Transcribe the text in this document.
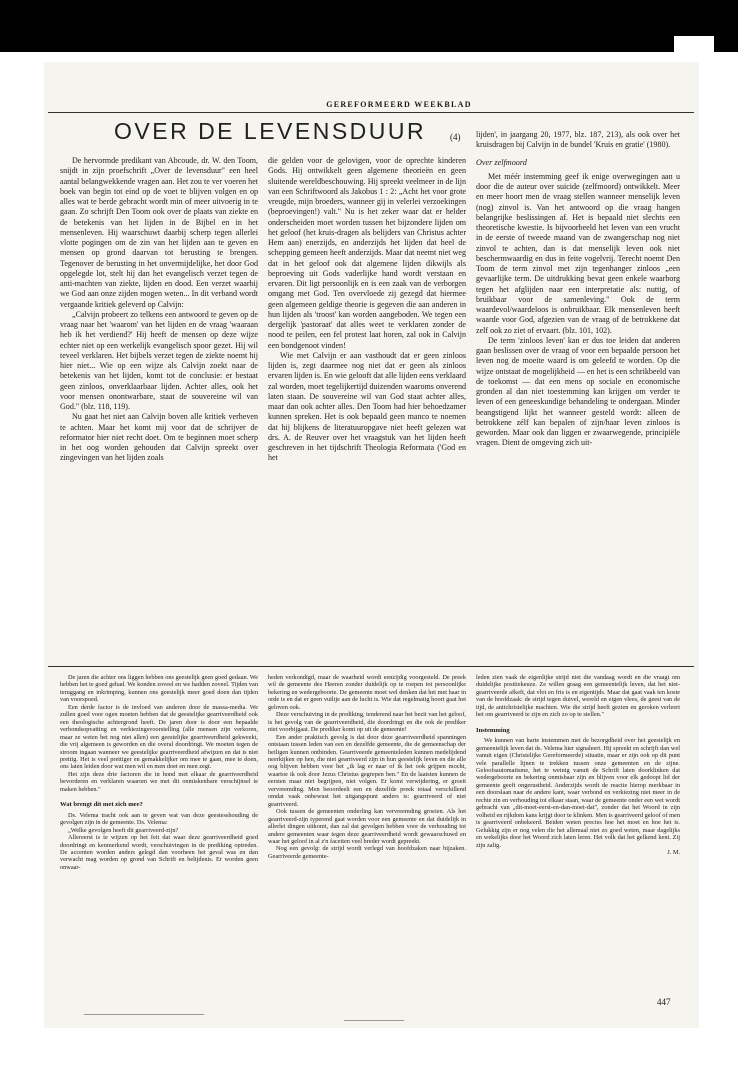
GEREFORMEERD WEEKBLAD
OVER DE LEVENSDUUR	(4)

De hervormde predikant van Abcoude, dr. W. den Toom, snijdt in zijn proefschrift „Over de levensduur" een heel aantal belangwekkende vragen aan. Het zou te ver voeren het boek van begin tot eind op de voet te blijven volgen en op alles wat te berde gebracht wordt min of meer uitvoerig in te gaan. Zo schrijft Den Toom ook over de plaats van ziekte en de betekenis van het lijden in de Bijbel en in het mensenleven. Hij waarschuwt daarbij scherp tegen allerlei vlotte pogingen om de zin van het lijden aan te geven en mensen op grond daarvan tot berusting te brengen. Tegenover de berusting in het onvermijdelijke, het door God opgelegde lot, stelt hij dan het evangelisch verzet tegen de anti-machten van ziekte, lijden en dood. Een verzet waarbij we God aan onze zijden mogen weten... In dit verband wordt vergaande kritiek geleverd op Calvijn:

„Calvijn probeert zo telkens een antwoord te geven op de vraag naar het 'waarom' van het lijden en de vraag 'waaraan heb ik het verdiend?' Hij heeft de mensen op deze wijze echter niet op een werkelijk evangelisch spoor gezet. Hij wil teveel verklaren. Het bijbels verzet tegen de ziekte noemt hij hier niet... Wie op een wijze als Calvijn zoekt naar de betekenis van het lijden, komt tot de conclusie: er bestaat geen zinloos, onverklaarbaar lijden. Achter alles, ook het voor mensen onontwarbare, staat de souvereine wil van God." (blz. 118, 119).

Nu gaat het niet aan Calvijn boven alle kritiek verheven te achten. Maar het komt mij voor dat de schrijver de reformator hier niet recht doet. Om te beginnen moet scherp in het oog worden gehouden dat Calvijn spreekt over zingevingen van het lijden zoals

die gelden voor de gelovigen, voor de oprechte kinderen Gods. Hij ontwikkelt geen algemene theorieën en geen sluitende wereldbeschouwing. Hij spreekt veelmeer in de lijn van een Schriftwoord als Jakobus 1 : 2: „Acht het voor grote vreugde, mijn broeders, wanneer gij in velerlei verzoekingen (beproevingen!) valt." Nu is het zeker waar dat er helder onderscheiden moet worden tussen het bijzondere lijden om het geloof (het kruis-dragen als belijders van Christus achter Hem aan) enerzijds, en anderzijds het lijden dat heel de schepping gemeen heeft anderzijds. Maar dat neemt niet weg dat in het geloof ook dat algemene lijden dikwijls als beproeving uit Gods vaderlijke hand wordt verstaan en ervaren. Dit ligt persoonlijk en is een zaak van de verborgen omgang met God. Ten overvloede zij gezegd dat hiermee geen algemeen geldige theorie is gegeven die aan anderen in hun lijden als 'troost' kan worden aangeboden. We tegen een dergelijk 'pastoraat' dat alles weet te verklaren zonder de nood te peilen, een fel protest laat horen, zal ook in Calvijn een bondgenoot vinden!

Wie met Calvijn er aan vasthoudt dat er geen zinloos lijden is, zegt daarmee nog niet dat er geen als zinloos ervaren lijden is. En wie gelooft dat alle lijden eens verklaard zal worden, moet tegelijkertijd duizenden waaroms onverend laten staan. De souvereine wil van God staat achter alles, maar dan ook achter alles. Den Toom had hier behoedzamer kunnen spreken. Het is ook bepaald geen manco te noemen dat hij blijkens de literatuuropgave niet heeft gelezen wat drs. A. de Reuver over het vraagstuk van het lijden heeft geschreven in het tijdschrift Theologia Reformata ('God en het

lijden', in jaargang 20, 1977, blz. 187, 213), als ook over het kruisdragen bij Calvijn in de bundel 'Kruis en gratie' (1980).

Over zelfmoord

Met méér instemming geef ik enige overwegingen aan u door die de auteur over suicide (zelfmoord) ontwikkelt. Meer en meer hoort men de vraag stellen wanneer menselijk leven (nog) zinvol is. Van het antwoord op die vraag hangen belangrijke beslissingen af. Het is bepaald niet slechts een theoretische kwestie. Is bijvoorbeeld het leven van een vrucht in de eerste of tweede maand van de zwangerschap nog niet zinvol te achten, dan is dat menselijk leven ook niet beschermwaardig en dus in feite vogelvrij. Terecht noemt Den Toom de term zinvol met zijn tegenhanger zinloos „een gevaarlijke term. De uitdrukking bevat geen enkele waarborg tegen het afglijden naar een interpretatie als: nuttig, of bruikbaar voor de samenleving." Ook de term waardevol/waardeloos is onbruikbaar. Elk mensenleven heeft waarde voor God, afgezien van de vraag of de betrokkene dat zelf ook zo ziet of ervaart. (blz. 101, 102).

De term 'zinloos leven' kan er dus toe leiden dat anderen gaan beslissen over de vraag of voor een bepaalde persoon het leven nog de moeite waard is om geleefd te worden. Op die wijze ontstaat de mogelijkheid — en het is een schrikbeeld van de toekomst — dat een mens op sociale en economische gronden al dan niet toestemming kan krijgen om verder te leven of een geneeskundige behandeling te ondergaan. Minder beangstigend lijkt het wanneer gesteld wordt: alleen de betrokkene zélf kan bepalen of zijn/haar leven zinloos is geworden. Maar ook dan liggen er zwaarwegende, principiële vragen. Dient de omgeving zich uit-

De jaren die achter ons liggen hebben ons geestelijk geen goed gedaan. We hebben het te goed gehad. We konden zoveel en we hadden zoveel. Tijden van teruggang en inkrimping, kunnen ons geestelijk meer goed doen dan tijden van voorspoed.

Een derde factor is de invloed van anderen door de massa-media. We zullen goed voor ogen moeten hebben dat de geestelijke gearriveerdheid ook een theologische achtergrond heeft. De jaren door is door een bepaalde verbondsopvatting en verkiezingsvoorstelling (alle mensen zijn verkoren, maar ze weten het nog niet allen) een geestelijke gearriveerdheid gekweekt, die vrij algemeen is geworden en die overal doordringt. We moeten tegen de stroom ingaan wanneer we geestelijke gearriveerdheid afwijzen en dat is niet prettig. Het is veel prettiger en gemakkelijker om mee te gaan, mee te doen, ons laten leiden door wat men wil en men doet en men zegt.

Het zijn deze drie factoren die in hond met elkaar de gearriveerdheid bevorderen en verklaren waarom we met dit onmiskenbare verschijnsel te maken hebben."

Wat brengt dit met zich mee?

Ds. Velema tracht ook aan te geven wat van deze geestesshouding de gevolgen zijn in de gemeente. Ds. Velema:

„Welke gevolgen heeft dit gearriveerd-zijn?

Allereerst is te wijzen op het feit dat waar deze gearriveerdheid goed doordringt en kenmerkend wordt, verschuivingen in de prediking optreden. De accenten worden anders gelegd dan voorheen het geval was en dan verwacht mag worden op grond van Schrift en belijdenis. Er worden geen onwaar-

heden verkondigd, maar de waarheid wordt eenzijdig voorgesteld. De preek wil de gemeente des Heeren zonder duidelijk op te roepen tot persoonlijke bekering en wedergeboorte. De gemeente moet wel denken dat het met haar in orde is en dat er geen vuiltje aan de lucht is. Wie dat regelmatig hoort gaat het geloven ook.

Deze verschuiving in de prediking, tenderend naar het bezit van het geloof, is het gevolg van de gearriveerdheid, die doordringt en die ook de prediker niet voorbijgaat. De prediker komt op uit de gemeente!

Een ander praktisch gevolg is dat door deze gearriveerdheid spanningen ontstaan tussen leden van een en dezelfde gemeente, die de gemeenschap der heiligen kunnen ontbinden. Gearriveerde gemeenteleden kunnen medelijdend neerkijken op hen, die niet gearriveerd zijn in hun geestelijk leven en die alle oog blijven hebben voor het „ik lag er naar of ik het ook grijpen mocht, waartoe ik ook door Jezus Christus gegrepen ben." En de laatsten kunnen de eersten maar niet begrijpen, niet volgen. Er komt verwijdering, er groeit vervreemding. Men beoordeelt een en dezelfde preek totaal verschillend omdat vaak onbewust het uitgangspunt anders is: gearriveerd of niet gearriveerd.

Ook tussen de gemeenten onderling kan vervreemding groeien. Als het gearriveerd-zijn typerend gaat worden voor een gemeente en dat duidelijk in allerlei dingen uitkomt, dan zal dat gevolgen hebben voor de verhouding tot andere gemeenten waar tegen deze gearriveerdheid wordt gewaarschuwd en waar het geloof in al z'n facetten veel breder wordt gepreekt.

Nog een gevolg: de strijd wordt verlegd van hoofdzaken naar bijzaken. Gearriveerde gemeente-

leden zien vaak de eigenlijke strijd niet die vandaag wordt en die vraagt om duidelijke positiekeuze. Ze willen graag een gemeentelijk leven, dat het niet-gearriveerde afkeft, dat vlot en fris is en eigentijds. Maar dat gaat vaak ten koste van de hoofdzaak: de strijd tegen duivel, wereld en eigen vlees, de geest van de tijd, de antichristelijke machten. Wie die strijd heeft gezien en geroken verleert het om gearriveerd te zijn en zich zo op te stellen."

Instemming

We kunnen van harte instemmen met de bezorgdheid over het geestelijk en gemeentelijk leven dat ds. Velema hier signaleert. Hij spreekt en schrijft dan wel vanuit eigen (Christelijke Gereformeerde) situatie, maar er zijn ook op dit punt vele parallelle lijnen te trekken tussen onze gemeenten en de zijne. Geloofsautomatisme, het te weinig vanuit de Schrift laten doorklinken dat wedergeboorte en bekering onmisbaar zijn en blijven voor elk gedoopt lid der gemeente geeft ongerustheid. Anderzijds wordt de reactie hierop merkbaar in een doorslaan naar de andere kant, waar verbond en verkiezing niet meer in de rechte zin en verhouding tot elkaar staan, waar de gemeente onder een wet wordt gebracht van „dit-moet-eerst-en-dan-moet-dat", zonder dat het Woord in zijn volheid en rijkdom kans krijgt door te klinken. Men is gearriveerd geloof of men is gearriveerd onbekeerd. Beiden weten precies hoe het moet en hoe het is. Gelukkig zijn er nog velen die het allemaal niet zo goed weten, maar dagelijks en wekelijks door het Woord zich laten leren. Het volk dat het gelkend kent. Zij zijn zalig.

J. M.
447
